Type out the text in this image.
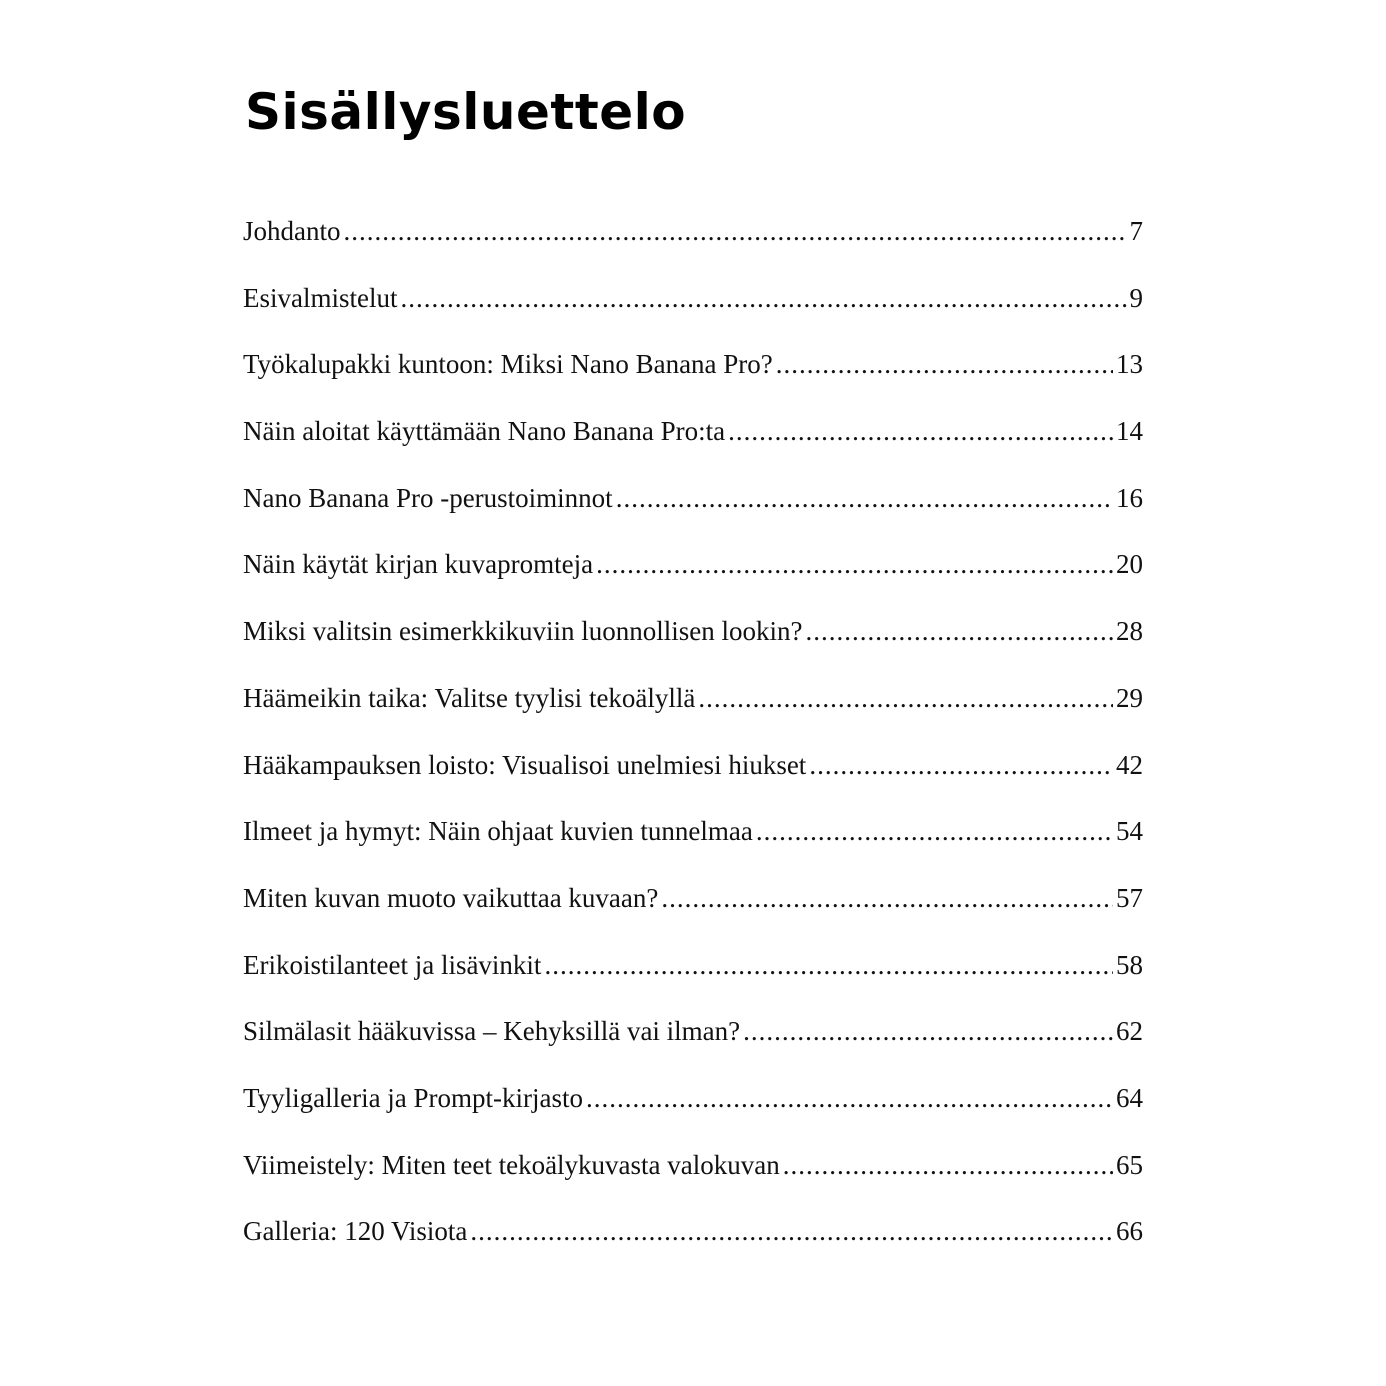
Sisällysluettelo
Johdanto .....	7
Esivalmistelut .....	9
Työkalupakki kuntoon: Miksi Nano Banana Pro? .....	13
Näin aloitat käyttämään Nano Banana Pro:ta .....	14
Nano Banana Pro -perustoiminnot .....	16
Näin käytät kirjan kuvapromteja .....	20
Miksi valitsin esimerkkikuviin luonnollisen lookin? .....	28
Häämeikin taika: Valitse tyylisi tekoälyllä .....	29
Hääkampauksen loisto: Visualisoi unelmiesi hiukset .....	42
Ilmeet ja hymyt: Näin ohjaat kuvien tunnelmaa .....	54
Miten kuvan muoto vaikuttaa kuvaan? .....	57
Erikoistilanteet ja lisävinkit .....	58
Silmälasit hääkuvissa – Kehyksillä vai ilman? .....	62
Tyyligalleria ja Prompt-kirjasto .....	64
Viimeistely: Miten teet tekoälykuvasta valokuvan .....	65
Galleria: 120 Visiota .....	66
